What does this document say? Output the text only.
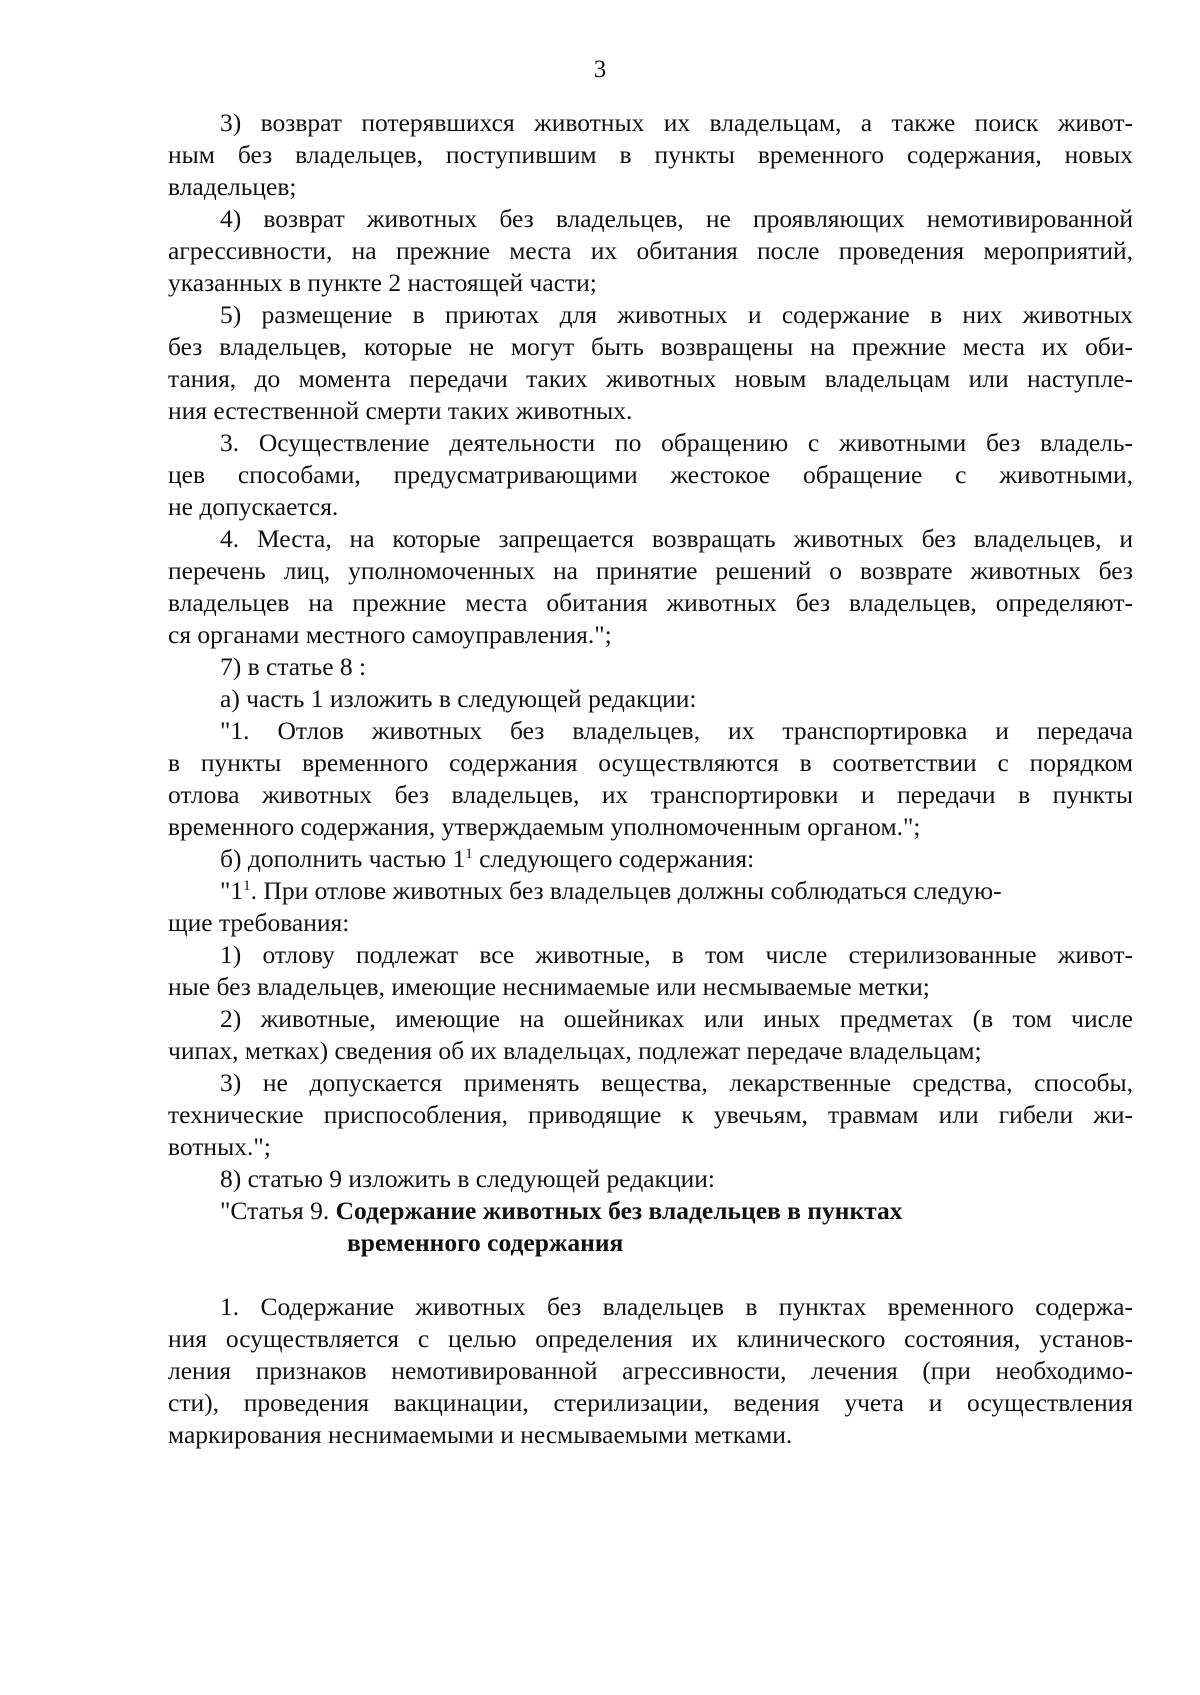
3
3) возврат потерявшихся животных их владельцам, а также поиск живот-
ным без владельцев, поступившим в пункты временного содержания, новых
владельцев;
4) возврат животных без владельцев, не проявляющих немотивированной
агрессивности, на прежние места их обитания после проведения мероприятий,
указанных в пункте 2 настоящей части;
5) размещение в приютах для животных и содержание в них животных
без владельцев, которые не могут быть возвращены на прежние места их оби-
тания, до момента передачи таких животных новым владельцам или наступле-
ния естественной смерти таких животных.
3. Осуществление деятельности по обращению с животными без владель-
цев способами, предусматривающими жестокое обращение с животными,
не допускается.
4. Места, на которые запрещается возвращать животных без владельцев, и
перечень лиц, уполномоченных на принятие решений о возврате животных без
владельцев на прежние места обитания животных без владельцев, определяют-
ся органами местного самоуправления.";
7) в статье 8 :
а) часть 1 изложить в следующей редакции:
"1. Отлов животных без владельцев, их транспортировка и передача
в пункты временного содержания осуществляются в соответствии с порядком
отлова животных без владельцев, их транспортировки и передачи в пункты
временного содержания, утверждаемым уполномоченным органом.";
б) дополнить частью $1^1$ следующего содержания:
"$1^1$. При отлове животных без владельцев должны соблюдаться следую-
щие требования:
1) отлову подлежат все животные, в том числе стерилизованные живот-
ные без владельцев, имеющие неснимаемые или несмываемые метки;
2) животные, имеющие на ошейниках или иных предметах (в том числе
чипах, метках) сведения об их владельцах, подлежат передаче владельцам;
3) не допускается применять вещества, лекарственные средства, способы,
технические приспособления, приводящие к увечьям, травмам или гибели жи-
вотных.";
8) статью 9 изложить в следующей редакции:
"Статья 9. Содержание животных без владельцев в пунктах
временного содержания
1. Содержание животных без владельцев в пунктах временного содержа-
ния осуществляется с целью определения их клинического состояния, установ-
ления признаков немотивированной агрессивности, лечения (при необходимо-
сти), проведения вакцинации, стерилизации, ведения учета и осуществления
маркирования неснимаемыми и несмываемыми метками.
